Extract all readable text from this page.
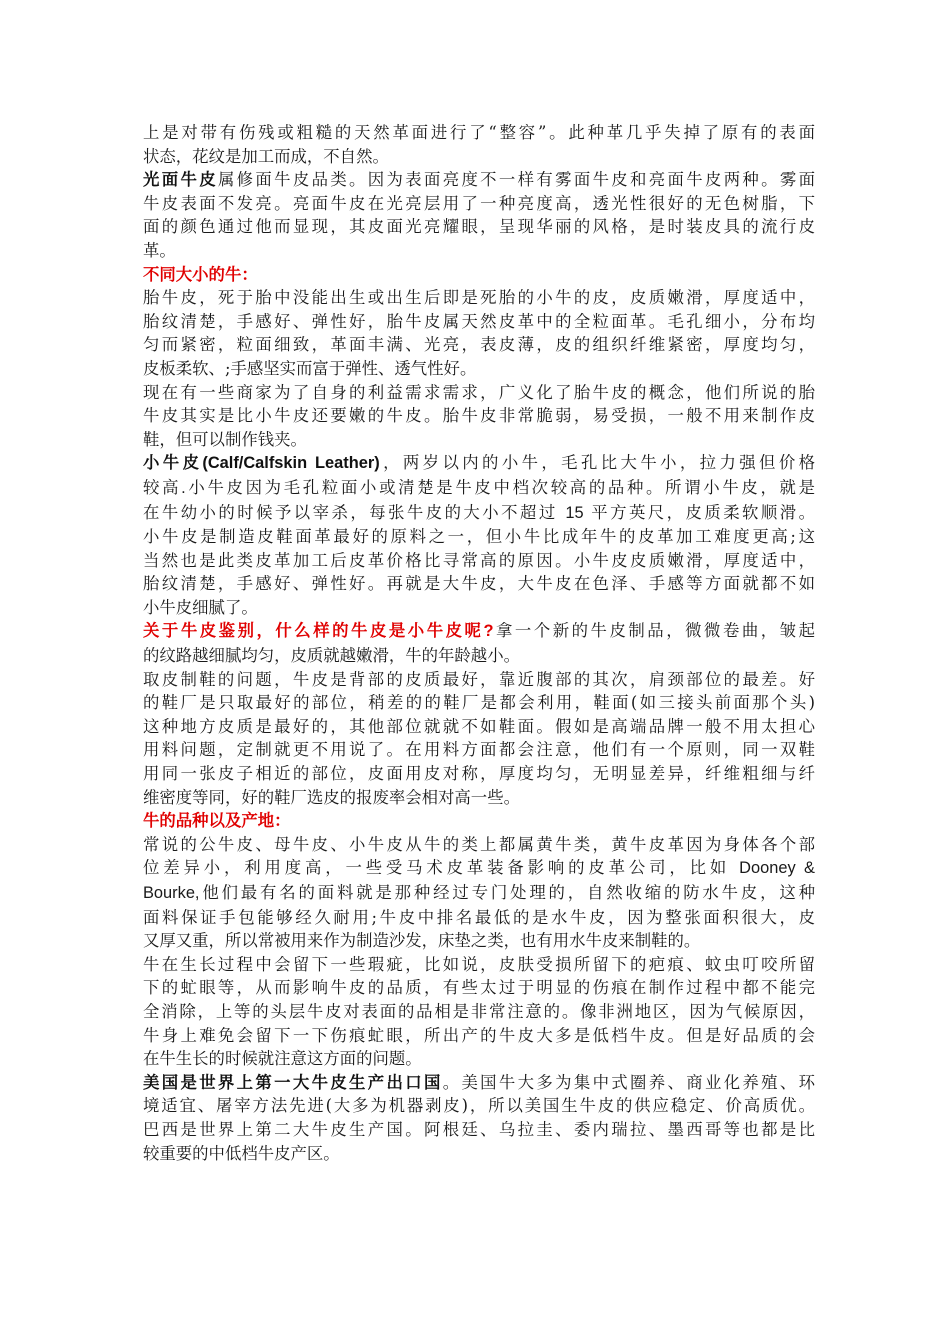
上是对带有伤残或粗糙的天然革面进行了“整容”。此种革几乎失掉了原有的表面
状态，花纹是加工而成，不自然。
光面牛皮属修面牛皮品类。因为表面亮度不一样有雾面牛皮和亮面牛皮两种。雾面
牛皮表面不发亮。亮面牛皮在光亮层用了一种亮度高，透光性很好的无色树脂，下
面的颜色通过他而显现，其皮面光亮耀眼，呈现华丽的风格，是时装皮具的流行皮
革。
不同大小的牛：
胎牛皮，死于胎中没能出生或出生后即是死胎的小牛的皮，皮质嫩滑，厚度适中，
胎纹清楚，手感好、弹性好，胎牛皮属天然皮革中的全粒面革。毛孔细小，分布均
匀而紧密，粒面细致，革面丰满、光亮，表皮薄，皮的组织纤维紧密，厚度均匀，
皮板柔软、;手感坚实而富于弹性、透气性好。
现在有一些商家为了自身的利益需求需求，广义化了胎牛皮的概念，他们所说的胎
牛皮其实是比小牛皮还要嫩的牛皮。胎牛皮非常脆弱，易受损，一般不用来制作皮
鞋，但可以制作钱夹。
小牛皮(Calf/Calfskin Leather)，两岁以内的小牛，毛孔比大牛小，拉力强但价格
较高.小牛皮因为毛孔粒面小或清楚是牛皮中档次较高的品种。所谓小牛皮，就是
在牛幼小的时候予以宰杀，每张牛皮的大小不超过 15 平方英尺，皮质柔软顺滑。
小牛皮是制造皮鞋面革最好的原料之一，但小牛比成年牛的皮革加工难度更高;这
当然也是此类皮革加工后皮革价格比寻常高的原因。小牛皮皮质嫩滑，厚度适中，
胎纹清楚，手感好、弹性好。再就是大牛皮，大牛皮在色泽、手感等方面就都不如
小牛皮细腻了。
关于牛皮鉴别，什么样的牛皮是小牛皮呢?拿一个新的牛皮制品，微微卷曲，皱起
的纹路越细腻均匀，皮质就越嫩滑，牛的年龄越小。
取皮制鞋的问题，牛皮是背部的皮质最好，靠近腹部的其次，肩颈部位的最差。好
的鞋厂是只取最好的部位，稍差的的鞋厂是都会利用，鞋面(如三接头前面那个头)
这种地方皮质是最好的，其他部位就就不如鞋面。假如是高端品牌一般不用太担心
用料问题，定制就更不用说了。在用料方面都会注意，他们有一个原则，同一双鞋
用同一张皮子相近的部位，皮面用皮对称，厚度均匀，无明显差异，纤维粗细与纤
维密度等同，好的鞋厂选皮的报废率会相对高一些。
牛的品种以及产地：
常说的公牛皮、母牛皮、小牛皮从牛的类上都属黄牛类，黄牛皮革因为身体各个部
位差异小，利用度高，一些受马术皮革装备影响的皮革公司，比如 Dooney &
Bourke,他们最有名的面料就是那种经过专门处理的，自然收缩的防水牛皮，这种
面料保证手包能够经久耐用;牛皮中排名最低的是水牛皮，因为整张面积很大，皮
又厚又重，所以常被用来作为制造沙发，床垫之类，也有用水牛皮来制鞋的。
牛在生长过程中会留下一些瑕疵，比如说，皮肤受损所留下的疤痕、蚊虫叮咬所留
下的虻眼等，从而影响牛皮的品质，有些太过于明显的伤痕在制作过程中都不能完
全消除，上等的头层牛皮对表面的品相是非常注意的。像非洲地区，因为气候原因，
牛身上难免会留下一下伤痕虻眼，所出产的牛皮大多是低档牛皮。但是好品质的会
在牛生长的时候就注意这方面的问题。
美国是世界上第一大牛皮生产出口国。美国牛大多为集中式圈养、商业化养殖、环
境适宜、屠宰方法先进(大多为机器剥皮)，所以美国生牛皮的供应稳定、价高质优。
巴西是世界上第二大牛皮生产国。阿根廷、乌拉圭、委内瑞拉、墨西哥等也都是比
较重要的中低档牛皮产区。
